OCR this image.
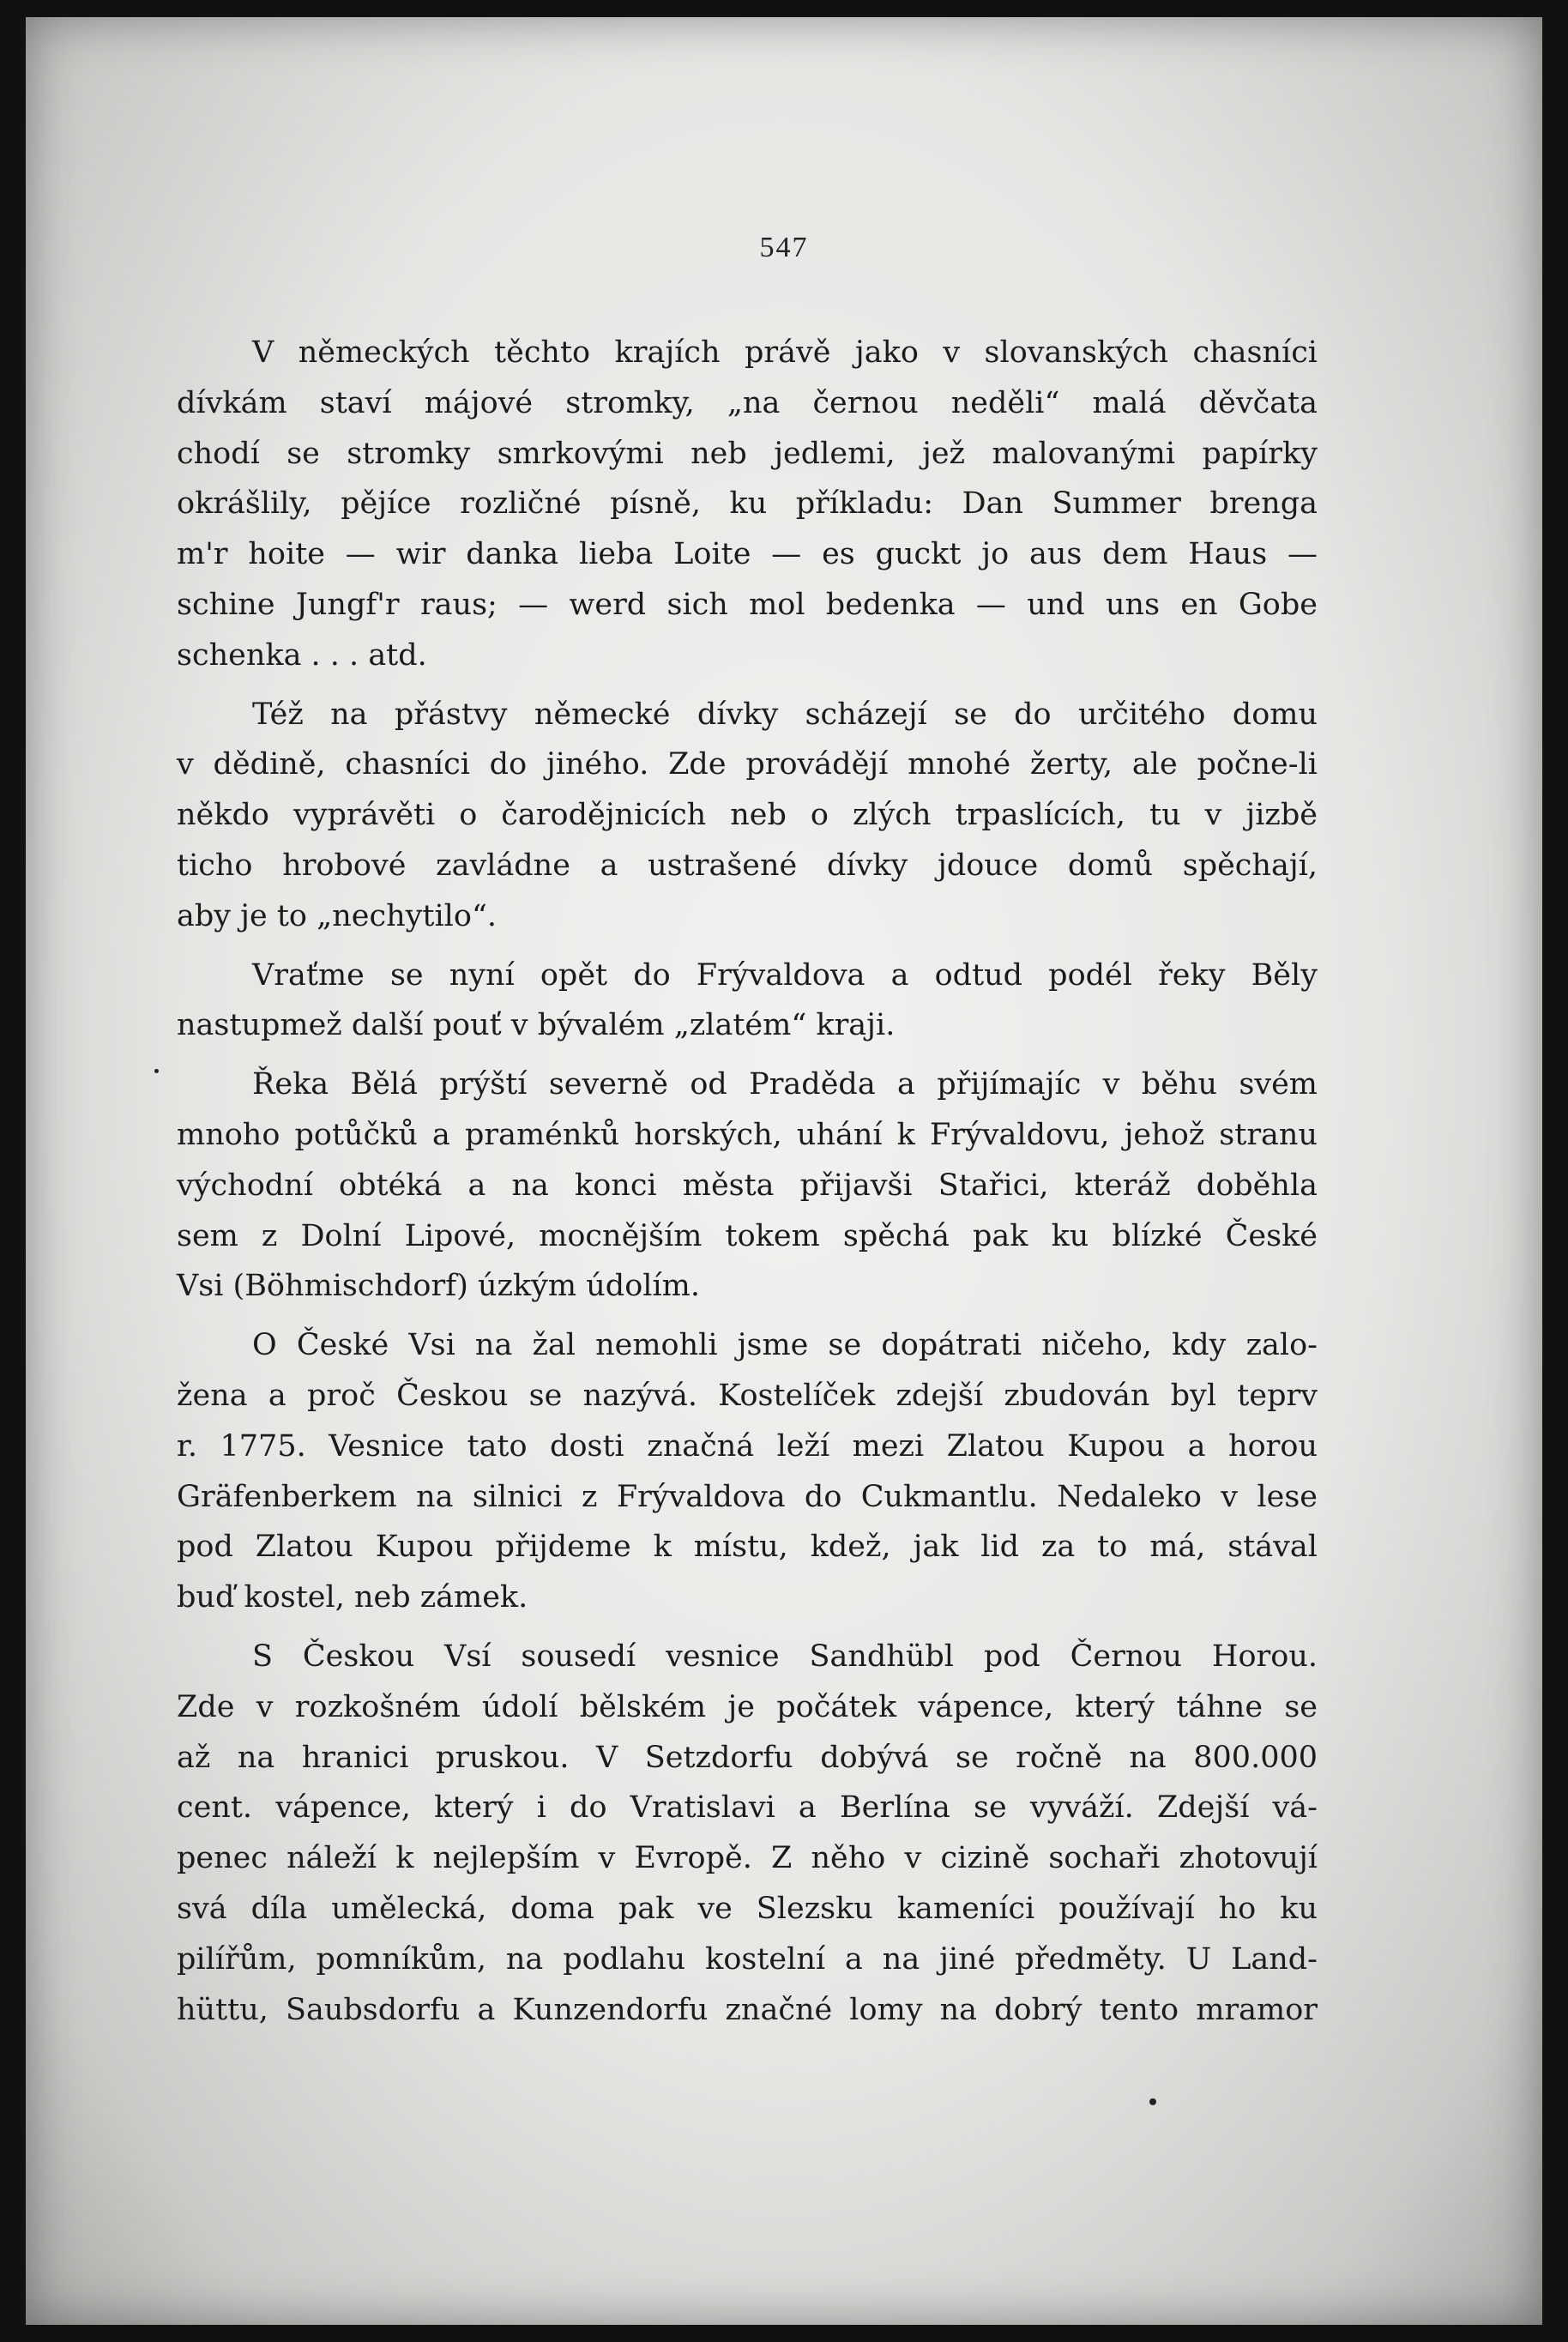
547
V německých těchto krajích právě jako v slovanských chasníci
dívkám staví májové stromky, „na černou neděli“ malá děvčata
chodí se stromky smrkovými neb jedlemi, jež malovanými papírky
okrášlily, pějíce rozličné písně, ku příkladu: Dan Summer brenga
m'r hoite — wir danka lieba Loite — es guckt jo aus dem Haus —
schine Jungf'r raus; — werd sich mol bedenka — und uns en Gobe
schenka . . . atd.
Též na přástvy německé dívky scházejí se do určitého domu
v dědině, chasníci do jiného. Zde provádějí mnohé žerty, ale počne-li
někdo vyprávěti o čarodějnicích neb o zlých trpaslících, tu v jizbě
ticho hrobové zavládne a ustrašené dívky jdouce domů spěchají,
aby je to „nechytilo“.
Vraťme se nyní opět do Frývaldova a odtud podél řeky Běly
nastupmež další pouť v bývalém „zlatém“ kraji.
Řeka Bělá prýští severně od Praděda a přijímajíc v běhu svém
mnoho potůčků a praménků horských, uhání k Frývaldovu, jehož stranu
východní obtéká a na konci města přijavši Stařici, kteráž doběhla
sem z Dolní Lipové, mocnějším tokem spěchá pak ku blízké České
Vsi (Böhmischdorf) úzkým údolím.
O České Vsi na žal nemohli jsme se dopátrati ničeho, kdy zalo-
žena a proč Českou se nazývá. Kostelíček zdejší zbudován byl teprv
r. 1775. Vesnice tato dosti značná leží mezi Zlatou Kupou a horou
Gräfenberkem na silnici z Frývaldova do Cukmantlu. Nedaleko v lese
pod Zlatou Kupou přijdeme k místu, kdež, jak lid za to má, stával
buď kostel, neb zámek.
S Českou Vsí sousedí vesnice Sandhübl pod Černou Horou.
Zde v rozkošném údolí bělském je počátek vápence, který táhne se
až na hranici pruskou. V Setzdorfu dobývá se ročně na 800.000
cent. vápence, který i do Vratislavi a Berlína se vyváží. Zdejší vá-
penec náleží k nejlepším v Evropě. Z něho v cizině sochaři zhotovují
svá díla umělecká, doma pak ve Slezsku kameníci používají ho ku
pilířům, pomníkům, na podlahu kostelní a na jiné předměty. U Land-
hüttu, Saubsdorfu a Kunzendorfu značné lomy na dobrý tento mramor
